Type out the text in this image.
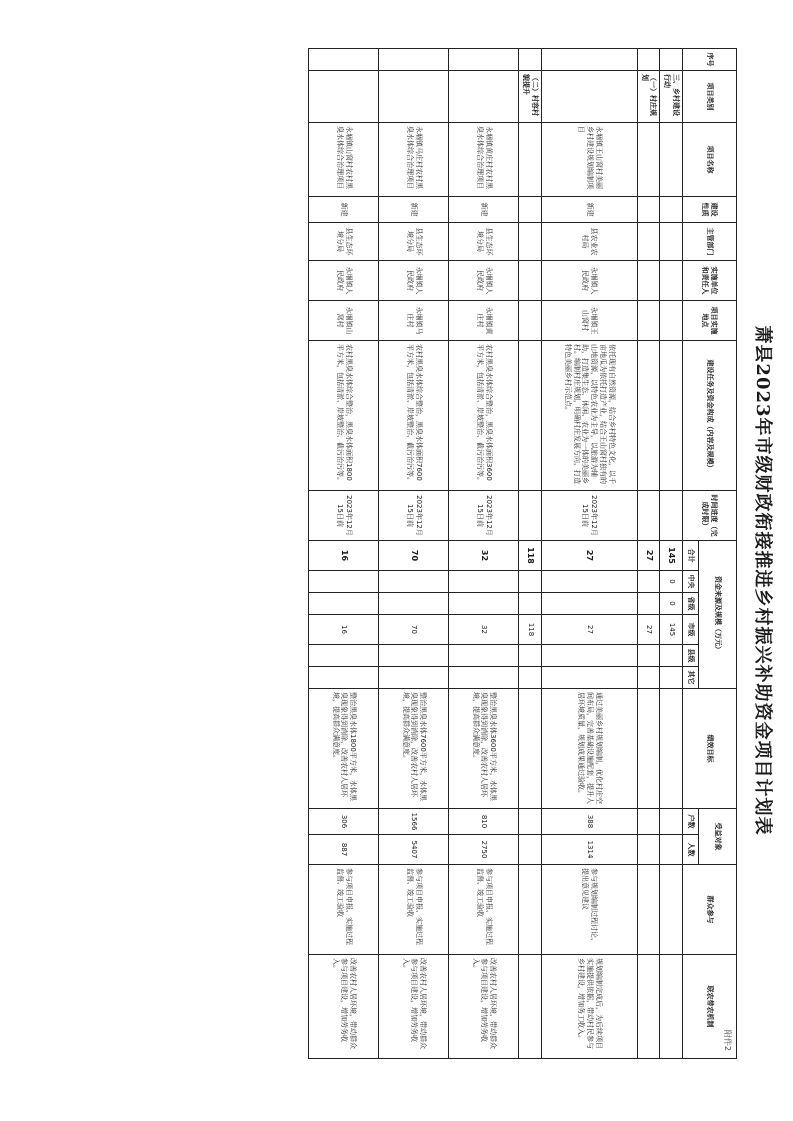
附件2
萧县2023年市级财政衔接推进乡村振兴补助资金项目计划表
序号	项目类别	项目名称	建设性质	主管部门	实施单位和责任人	项目实施地点	建设任务及资金构成（内容及规模）	时间进度（完成时限）	资金来源及规模（万元）						绩效目标	受益对象		群众参与	联农带农机制
									合计	中央	省级	市级	县级	其它		户数	人数		
	三、乡村建设行动								145	0	0	145							
	（一）村庄规划								27			27							
		永堌镇王山窝村美丽乡村建设规划编制项目	新建	县农业农村局	永堌镇人民政府	永堌镇王山窝村	依托现有自然资源，结合乡村特色文化，以千亩地瓜为依托打造产业，结合王山窝村独有的山地资源，以特色农业为主导，以旅游为辅助，打造集生态、休闲、农业为一体的美丽乡村。编制村庄规划，明确村庄发展方向，打造特色美丽乡村示范点。	2023年12月15日前	27			27			通过美丽乡村规划编制，优化村庄空间布局，完善基础设施配套，提升人居环境质量，规划成果通过验收。	388	1314	参与规划编制过程讨论，提出意见建议	规划编制完成后，为后续项目实施提供依据，带动村民参与乡村建设，增加务工收入。
	（二）村容村貌提升								118			118							
		永堌镇黄庄村农村黑臭水体综合治理项目	新建	县生态环境分局	永堌镇人民政府	永堌镇黄庄村	农村黑臭水体综合整治，黑臭水体面积3600平方米，包括清淤、岸坡整治、截污治污等。	2023年12月15日前	32			32			整治黑臭水体3600平方米，水体黑臭现象得到消除，改善农村人居环境，提高群众满意度。	810	2750	参与项目申报、实施过程监督、竣工验收	改善农村人居环境，带动群众参与项目建设，增加劳务收入。
		永堌镇马庄村农村黑臭水体综合治理项目	新建	县生态环境分局	永堌镇人民政府	永堌镇马庄村	农村黑臭水体综合整治，黑臭水体面积7600平方米，包括清淤、岸坡整治、截污治污等。	2023年12月15日前	70			70			整治黑臭水体7600平方米，水体黑臭现象得到消除，改善农村人居环境，提高群众满意度。	1566	5407	参与项目申报、实施过程监督、竣工验收	改善农村人居环境，带动群众参与项目建设，增加劳务收入。
		永堌镇山窝村农村黑臭水体综合治理项目	新建	县生态环境分局	永堌镇人民政府	永堌镇山窝村	农村黑臭水体综合整治，黑臭水体面积1800平方米，包括清淤、岸坡整治、截污治污等。	2023年12月15日前	16			16			整治黑臭水体1800平方米，水体黑臭现象得到消除，改善农村人居环境，提高群众满意度。	306	887	参与项目申报、实施过程监督、竣工验收	改善农村人居环境，带动群众参与项目建设，增加劳务收入。
